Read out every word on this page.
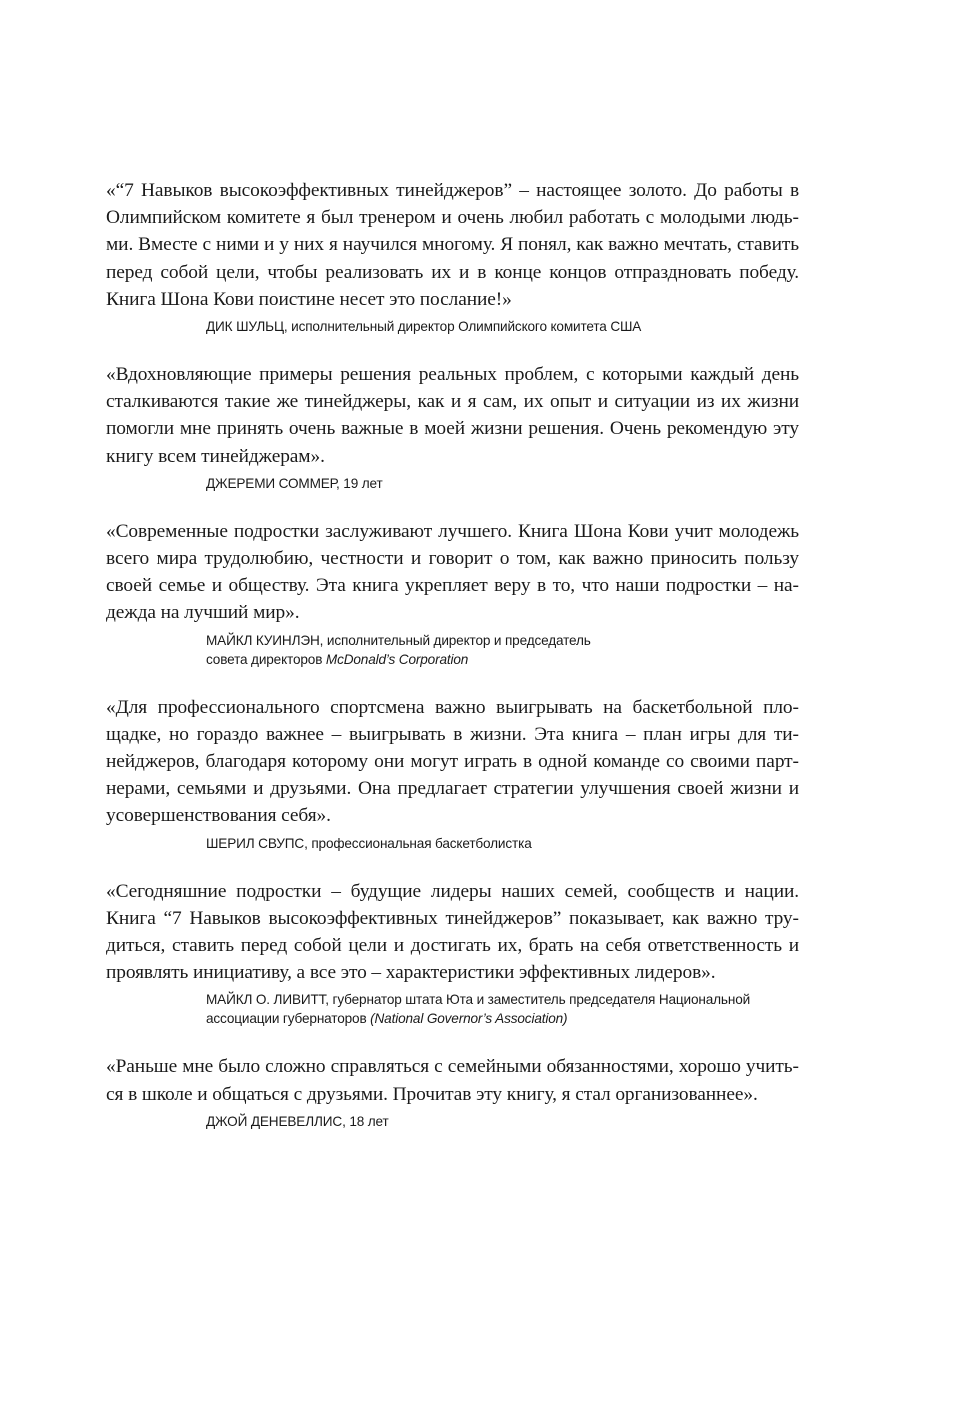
«“7 Навыков высокоэффективных тинейджеров” – настоящее золото. До работы в Олимпийском комитете я был тренером и очень любил работать с молодыми людьми. Вместе с ними и у них я научился многому. Я понял, как важно мечтать, ставить перед собой цели, чтобы реализовать их и в конце концов отпраздновать победу. Книга Шона Кови поистине несет это послание!»

ДИК ШУЛЬЦ, исполнительный директор Олимпийского комитета США

«Вдохновляющие примеры решения реальных проблем, с которыми каждый день сталкиваются такие же тинейджеры, как и я сам, их опыт и ситуации из их жизни помогли мне принять очень важные в моей жизни решения. Очень рекомендую эту книгу всем тинейджерам».

ДЖЕРЕМИ СОММЕР, 19 лет

«Современные подростки заслуживают лучшего. Книга Шона Кови учит молодежь всего мира трудолюбию, честности и говорит о том, как важно приносить пользу своей семье и обществу. Эта книга укрепляет веру в то, что наши подростки – надежда на лучший мир».

МАЙКЛ КУИНЛЭН, исполнительный директор и председатель
совета директоров McDonald’s Corporation

«Для профессионального спортсмена важно выигрывать на баскетбольной площадке, но гораздо важнее – выигрывать в жизни. Эта книга – план игры для тинейджеров, благодаря которому они могут играть в одной команде со своими партнерами, семьями и друзьями. Она предлагает стратегии улучшения своей жизни и усовершенствования себя».

ШЕРИЛ СВУПС, профессиональная баскетболистка

«Сегодняшние подростки – будущие лидеры наших семей, сообществ и нации. Книга “7 Навыков высокоэффективных тинейджеров” показывает, как важно трудиться, ставить перед собой цели и достигать их, брать на себя ответственность и проявлять инициативу, а все это – характеристики эффективных лидеров».

МАЙКЛ О. ЛИВИТТ, губернатор штата Юта и заместитель председателя Национальной
ассоциации губернаторов (National Governor’s Association)

«Раньше мне было сложно справляться с семейными обязанностями, хорошо учиться в школе и общаться с друзьями. Прочитав эту книгу, я стал организованнее».

ДЖОЙ ДЕНЕВЕЛЛИС, 18 лет
